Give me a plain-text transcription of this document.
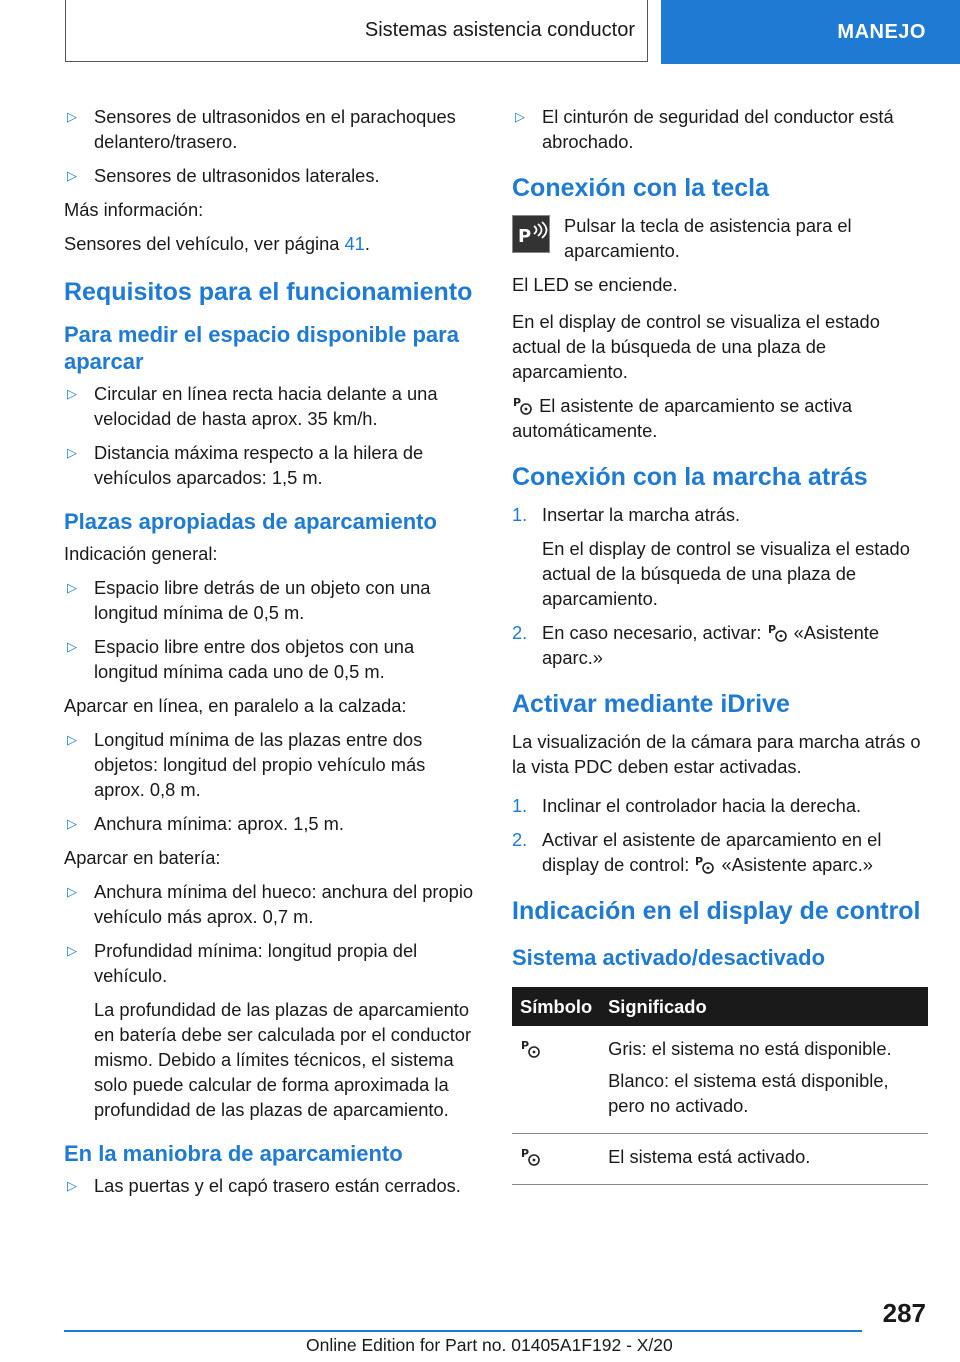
Sistemas asistencia conductor	MANEJO
▷ Sensores de ultrasonidos en el parachoques delantero/trasero.
▷ Sensores de ultrasonidos laterales.

Más información:

Sensores del vehículo, ver página 41.

Requisitos para el funcionamiento
Para medir el espacio disponible para aparcar
▷ Circular en línea recta hacia delante a una velocidad de hasta aprox. 35 km/h.
▷ Distancia máxima respecto a la hilera de vehículos aparcados: 1,5 m.
Plazas apropiadas de aparcamiento

Indicación general:

▷ Espacio libre detrás de un objeto con una longitud mínima de 0,5 m.
▷ Espacio libre entre dos objetos con una longitud mínima cada uno de 0,5 m.

Aparcar en línea, en paralelo a la calzada:

▷ Longitud mínima de las plazas entre dos objetos: longitud del propio vehículo más aprox. 0,8 m.
▷ Anchura mínima: aprox. 1,5 m.

Aparcar en batería:

▷ Anchura mínima del hueco: anchura del propio vehículo más aprox. 0,7 m.
▷ Profundidad mínima: longitud propia del vehículo.

La profundidad de las plazas de aparcamiento en batería debe ser calculada por el conductor mismo. Debido a límites técnicos, el sistema solo puede calcular de forma aproximada la profundidad de las plazas de aparcamiento.

En la maniobra de aparcamiento
▷ Las puertas y el capó trasero están cerrados.
▷ El cinturón de seguridad del conductor está abrochado.
Conexión con la tecla
P
Pulsar la tecla de asistencia para el aparcamiento.

El LED se enciende.

En el display de control se visualiza el estado actual de la búsqueda de una plaza de aparcamiento.

P El asistente de aparcamiento se activa automáticamente.

Conexión con la marcha atrás
1. Insertar la marcha atrás.

En el display de control se visualiza el estado actual de la búsqueda de una plaza de aparcamiento.

2. En caso necesario, activar: P «Asistente aparc.»
Activar mediante iDrive

La visualización de la cámara para marcha atrás o la vista PDC deben estar activadas.

1. Inclinar el controlador hacia la derecha.
2. Activar el asistente de aparcamiento en el display de control: P «Asistente aparc.»
Indicación en el display de control
Sistema activado/desactivado
Símbolo	Significado

P	Gris: el sistema no está disponible.

Blanco: el sistema está disponible, pero no activado.

P	El sistema está activado.

287
Online Edition for Part no. 01405A1F192 - X/20
